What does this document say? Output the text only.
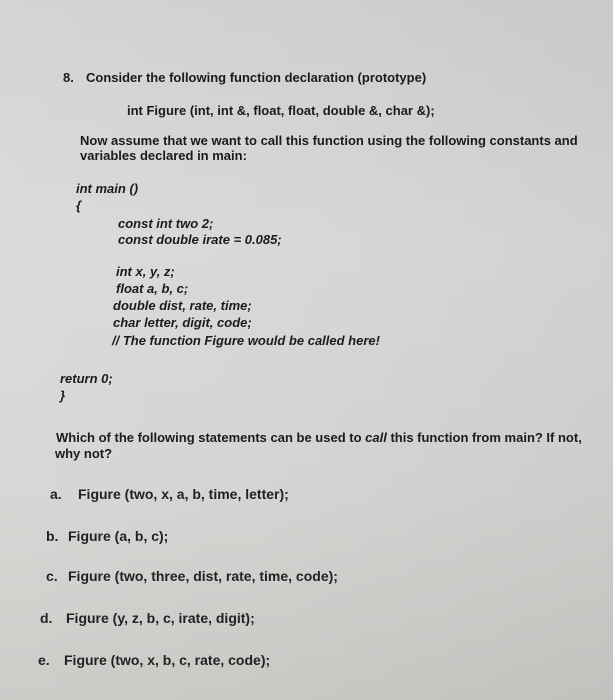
8. Consider the following function declaration (prototype)
int Figure (int, int &, float, float, double &, char &);
Now assume that we want to call this function using the following constants and
variables declared in main:
int main ()
{
const int two 2;
const double irate = 0.085;
int x, y, z;
float a, b, c;
double dist, rate, time;
char letter, digit, code;
// The function Figure would be called here!
return 0;
}
Which of the following statements can be used to call this function from main? If not,
why not?
a. Figure (two, x, a, b, time, letter);
b. Figure (a, b, c);
c. Figure (two, three, dist, rate, time, code);
d. Figure (y, z, b, c, irate, digit);
e. Figure (two, x, b, c, rate, code);
